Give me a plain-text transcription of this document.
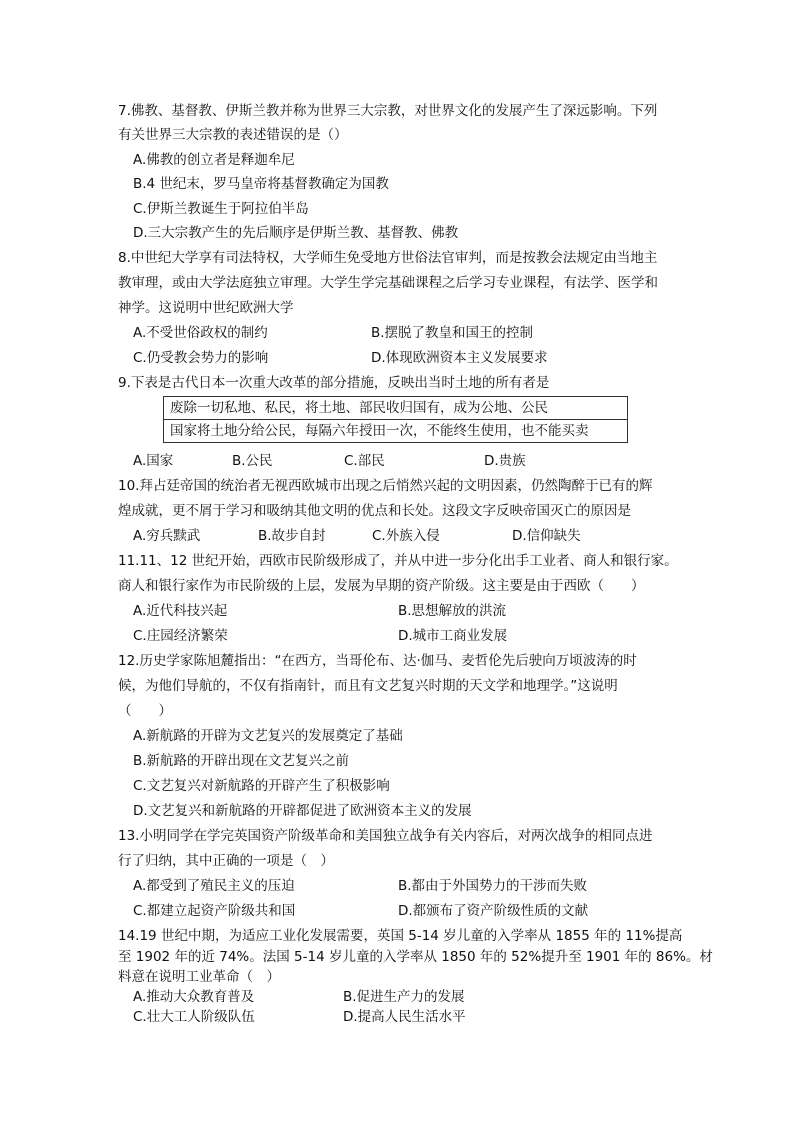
7.佛教、基督教、伊斯兰教并称为世界三大宗教，对世界文化的发展产生了深远影响。下列
有关世界三大宗教的表述错误的是（）
A.佛教的创立者是释迦牟尼
B.4 世纪末，罗马皇帝将基督教确定为国教
C.伊斯兰教诞生于阿拉伯半岛
D.三大宗教产生的先后顺序是伊斯兰教、基督教、佛教
8.中世纪大学享有司法特权，大学师生免受地方世俗法官审判，而是按教会法规定由当地主
教审理，或由大学法庭独立审理。大学生学完基础课程之后学习专业课程，有法学、医学和
神学。这说明中世纪欧洲大学
A.不受世俗政权的制约	B.摆脱了教皇和国王的控制
C.仍受教会势力的影响	D.体现欧洲资本主义发展要求
9.下表是古代日本一次重大改革的部分措施，反映出当时土地的所有者是
废除一切私地、私民，将土地、部民收归国有，成为公地、公民
国家将土地分给公民，每隔六年授田一次，不能终生使用，也不能买卖
A.国家	B.公民	C.部民	D.贵族
10.拜占廷帝国的统治者无视西欧城市出现之后悄然兴起的文明因素，仍然陶醉于已有的辉
煌成就，更不屑于学习和吸纳其他文明的优点和长处。这段文字反映帝国灭亡的原因是
A.穷兵黩武	B.故步自封	C.外族入侵	D.信仰缺失
11.11、12 世纪开始，西欧市民阶级形成了，并从中进一步分化出手工业者、商人和银行家。
商人和银行家作为市民阶级的上层，发展为早期的资产阶级。这主要是由于西欧（　　）
A.近代科技兴起	B.思想解放的洪流
C.庄园经济繁荣	D.城市工商业发展
12.历史学家陈旭麓指出：“在西方，当哥伦布、达·伽马、麦哲伦先后驶向万顷波涛的时
候，为他们导航的，不仅有指南针，而且有文艺复兴时期的天文学和地理学。”这说明
（　　）
A.新航路的开辟为文艺复兴的发展奠定了基础
B.新航路的开辟出现在文艺复兴之前
C.文艺复兴对新航路的开辟产生了积极影响
D.文艺复兴和新航路的开辟都促进了欧洲资本主义的发展
13.小明同学在学完英国资产阶级革命和美国独立战争有关内容后，对两次战争的相同点进
行了归纳，其中正确的一项是（　）
A.都受到了殖民主义的压迫	B.都由于外国势力的干涉而失败
C.都建立起资产阶级共和国	D.都颁布了资产阶级性质的文献
14.19 世纪中期，为适应工业化发展需要，英国 5-14 岁儿童的入学率从 1855 年的 11%提高
至 1902 年的近 74%。法国 5-14 岁儿童的入学率从 1850 年的 52%提升至 1901 年的 86%。材
料意在说明工业革命（　）
A.推动大众教育普及	B.促进生产力的发展
C.壮大工人阶级队伍	D.提高人民生活水平
